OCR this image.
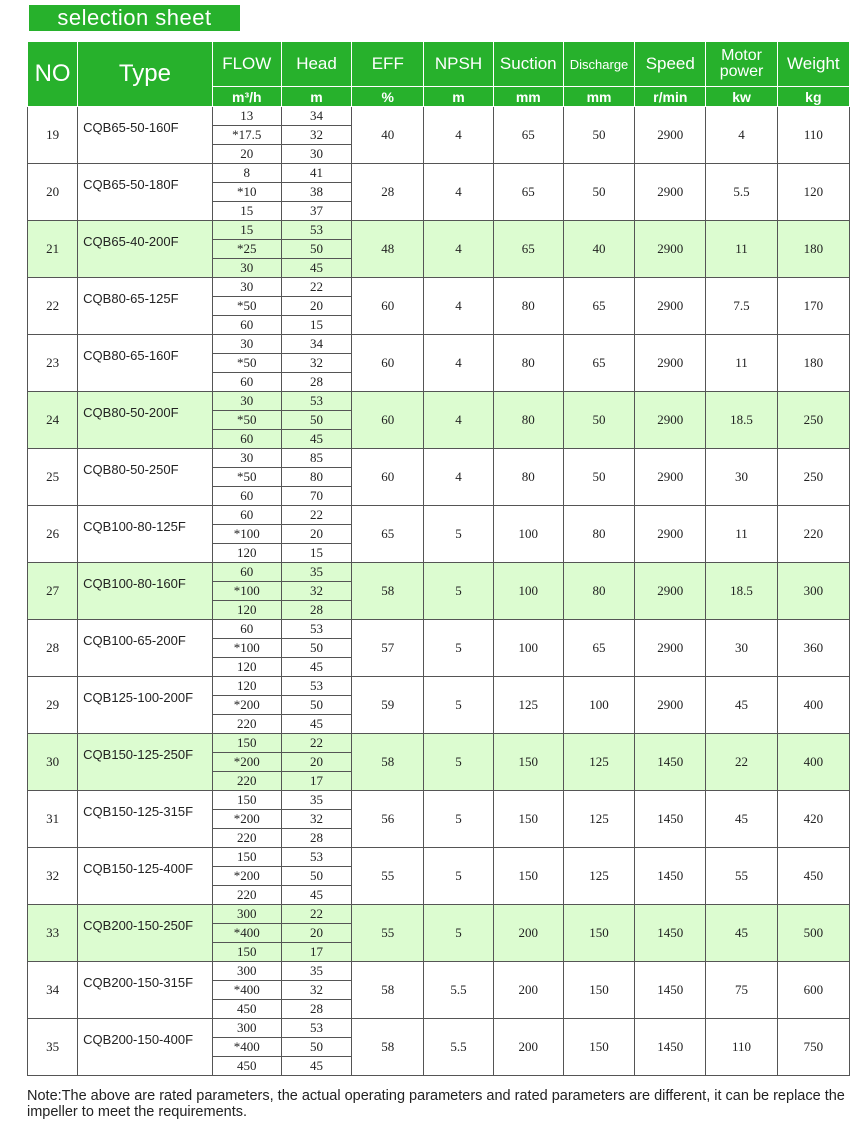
selection sheet
NO	Type	FLOW	Head	EFF	NPSH	Suction	Discharge	Speed	Motor
power	Weight
		m³/h	m	%	m	mm	mm	r/min	kw	kg
19	CQB65-50-160F	13	34	40	4	65	50	2900	4	110
		*17.5	32							
		20	30							
20	CQB65-50-180F	8	41	28	4	65	50	2900	5.5	120
		*10	38							
		15	37							
21	CQB65-40-200F	15	53	48	4	65	40	2900	11	180
		*25	50							
		30	45							
22	CQB80-65-125F	30	22	60	4	80	65	2900	7.5	170
		*50	20							
		60	15							
23	CQB80-65-160F	30	34	60	4	80	65	2900	11	180
		*50	32							
		60	28							
24	CQB80-50-200F	30	53	60	4	80	50	2900	18.5	250
		*50	50							
		60	45							
25	CQB80-50-250F	30	85	60	4	80	50	2900	30	250
		*50	80							
		60	70							
26	CQB100-80-125F	60	22	65	5	100	80	2900	11	220
		*100	20							
		120	15							
27	CQB100-80-160F	60	35	58	5	100	80	2900	18.5	300
		*100	32							
		120	28							
28	CQB100-65-200F	60	53	57	5	100	65	2900	30	360
		*100	50							
		120	45							
29	CQB125-100-200F	120	53	59	5	125	100	2900	45	400
		*200	50							
		220	45							
30	CQB150-125-250F	150	22	58	5	150	125	1450	22	400
		*200	20							
		220	17							
31	CQB150-125-315F	150	35	56	5	150	125	1450	45	420
		*200	32							
		220	28							
32	CQB150-125-400F	150	53	55	5	150	125	1450	55	450
		*200	50							
		220	45							
33	CQB200-150-250F	300	22	55	5	200	150	1450	45	500
		*400	20							
		150	17							
34	CQB200-150-315F	300	35	58	5.5	200	150	1450	75	600
		*400	32							
		450	28							
35	CQB200-150-400F	300	53	58	5.5	200	150	1450	110	750
		*400	50							
		450	45							
Note:The above are rated parameters, the actual operating parameters and rated parameters are different, it can be replace the impeller to meet the requirements.
